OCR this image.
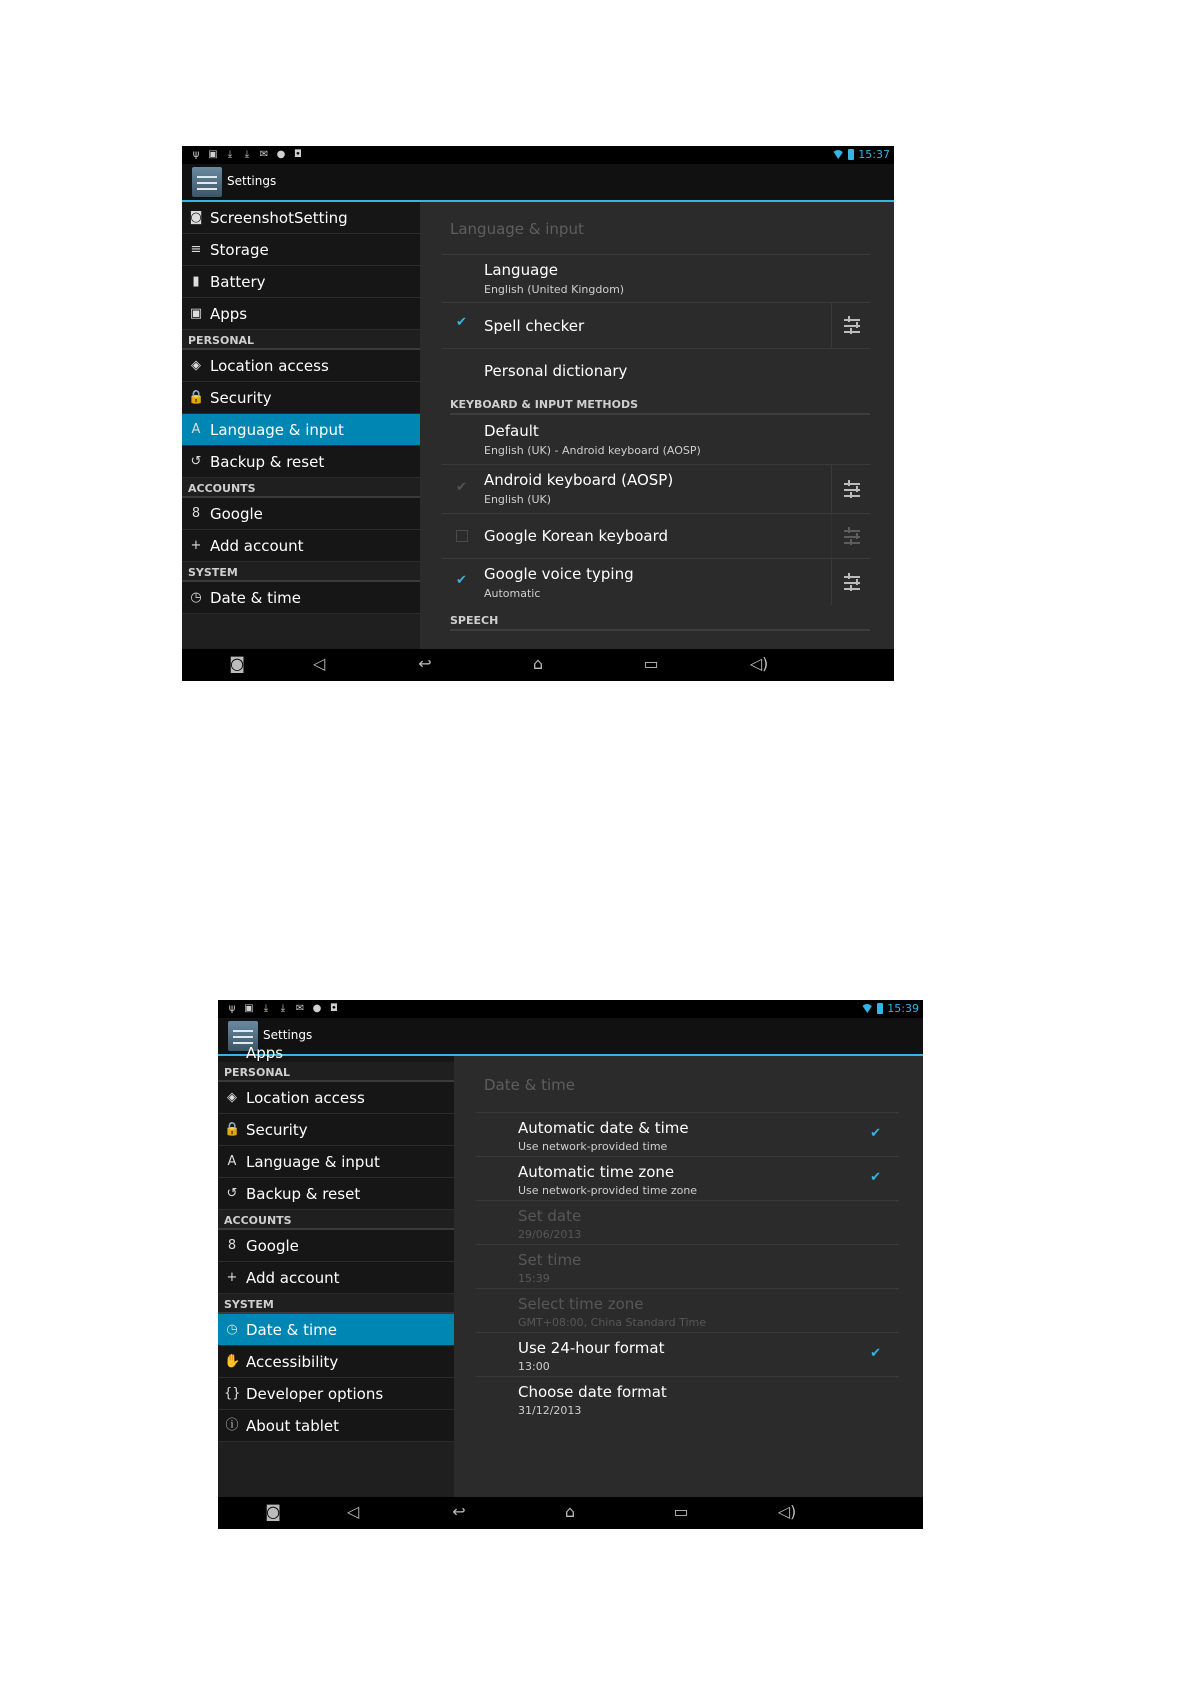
ψ ▣	⤓	⤓	✉ ● ◘	15:37
Settings
◙ ScreenshotSetting
≡ Storage
▮ Battery
▣ Apps
PERSONAL
◈ Location access
🔒 Security
A Language & input
↺ Backup & reset
ACCOUNTS
8 Google
+ Add account
SYSTEM
◷ Date & time
Language & input
Language
English (United Kingdom)
✔ Spell checker
Personal dictionary
KEYBOARD & INPUT METHODS
Default
English (UK) - Android keyboard (AOSP)
✔ Android keyboard (AOSP)
English (UK)
Google Korean keyboard
✔ Google voice typing
Automatic
SPEECH
◙	◁	↩	⌂	▭	◁)
ψ ▣	⤓	⤓	✉ ● ◘	15:39
Settings
Apps
PERSONAL
◈ Location access
🔒 Security
A Language & input
↺ Backup & reset
ACCOUNTS
8 Google
+ Add account
SYSTEM
◷ Date & time
✋ Accessibility
{} Developer options
ⓘ About tablet
Date & time
Automatic date & time
Use network-provided time
✔
Automatic time zone
Use network-provided time zone
✔
Set date
29/06/2013
Set time
15:39
Select time zone
GMT+08:00, China Standard Time
Use 24-hour format
13:00
✔
Choose date format
31/12/2013
◙	◁	↩	⌂	▭	◁)
